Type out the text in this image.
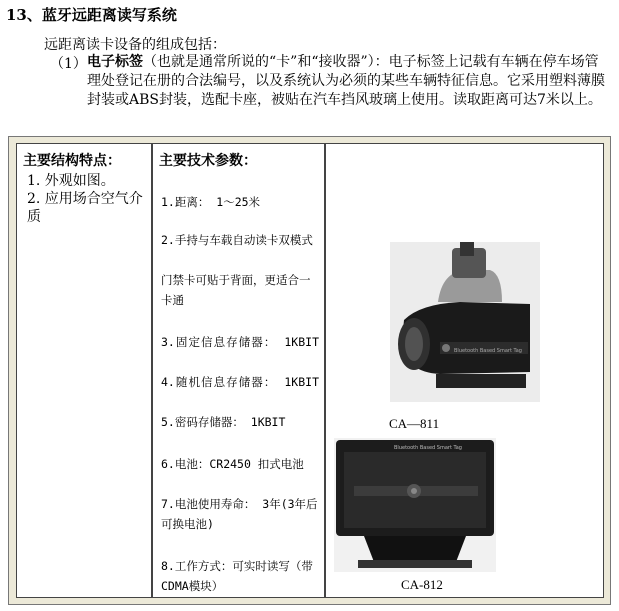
13、蓝牙远距离读写系统
远距离读卡设备的组成包括：
（1） 电子标签（也就是通常所说的“卡”和“接收器”）：电子标签上记载有车辆在停车场管理处登记在册的合法编号，以及系统认为必须的某些车辆特征信息。它采用塑料薄膜封装或ABS封装，选配卡座，被贴在汽车挡风玻璃上使用。读取距离可达7米以上。
主要结构特点：
1. 外观如图。
2. 应用场合空气介质
主要技术参数：
1.距离： 1～25米
2.手持与车载自动读卡双模式
门禁卡可贴于背面，更适合一卡通
3.固定信息存储器： 1KBIT
4.随机信息存储器： 1KBIT
5.密码存储器： 1KBIT
6.电池：CR2450 扣式电池
7.电池使用寿命： 3年(3年后可换电池)
8.工作方式：可实时读写（带CDMA模块）
Bluetooth Based Smart Tag
CA—811
Bluetooth Based Smart Tag
CA-812
